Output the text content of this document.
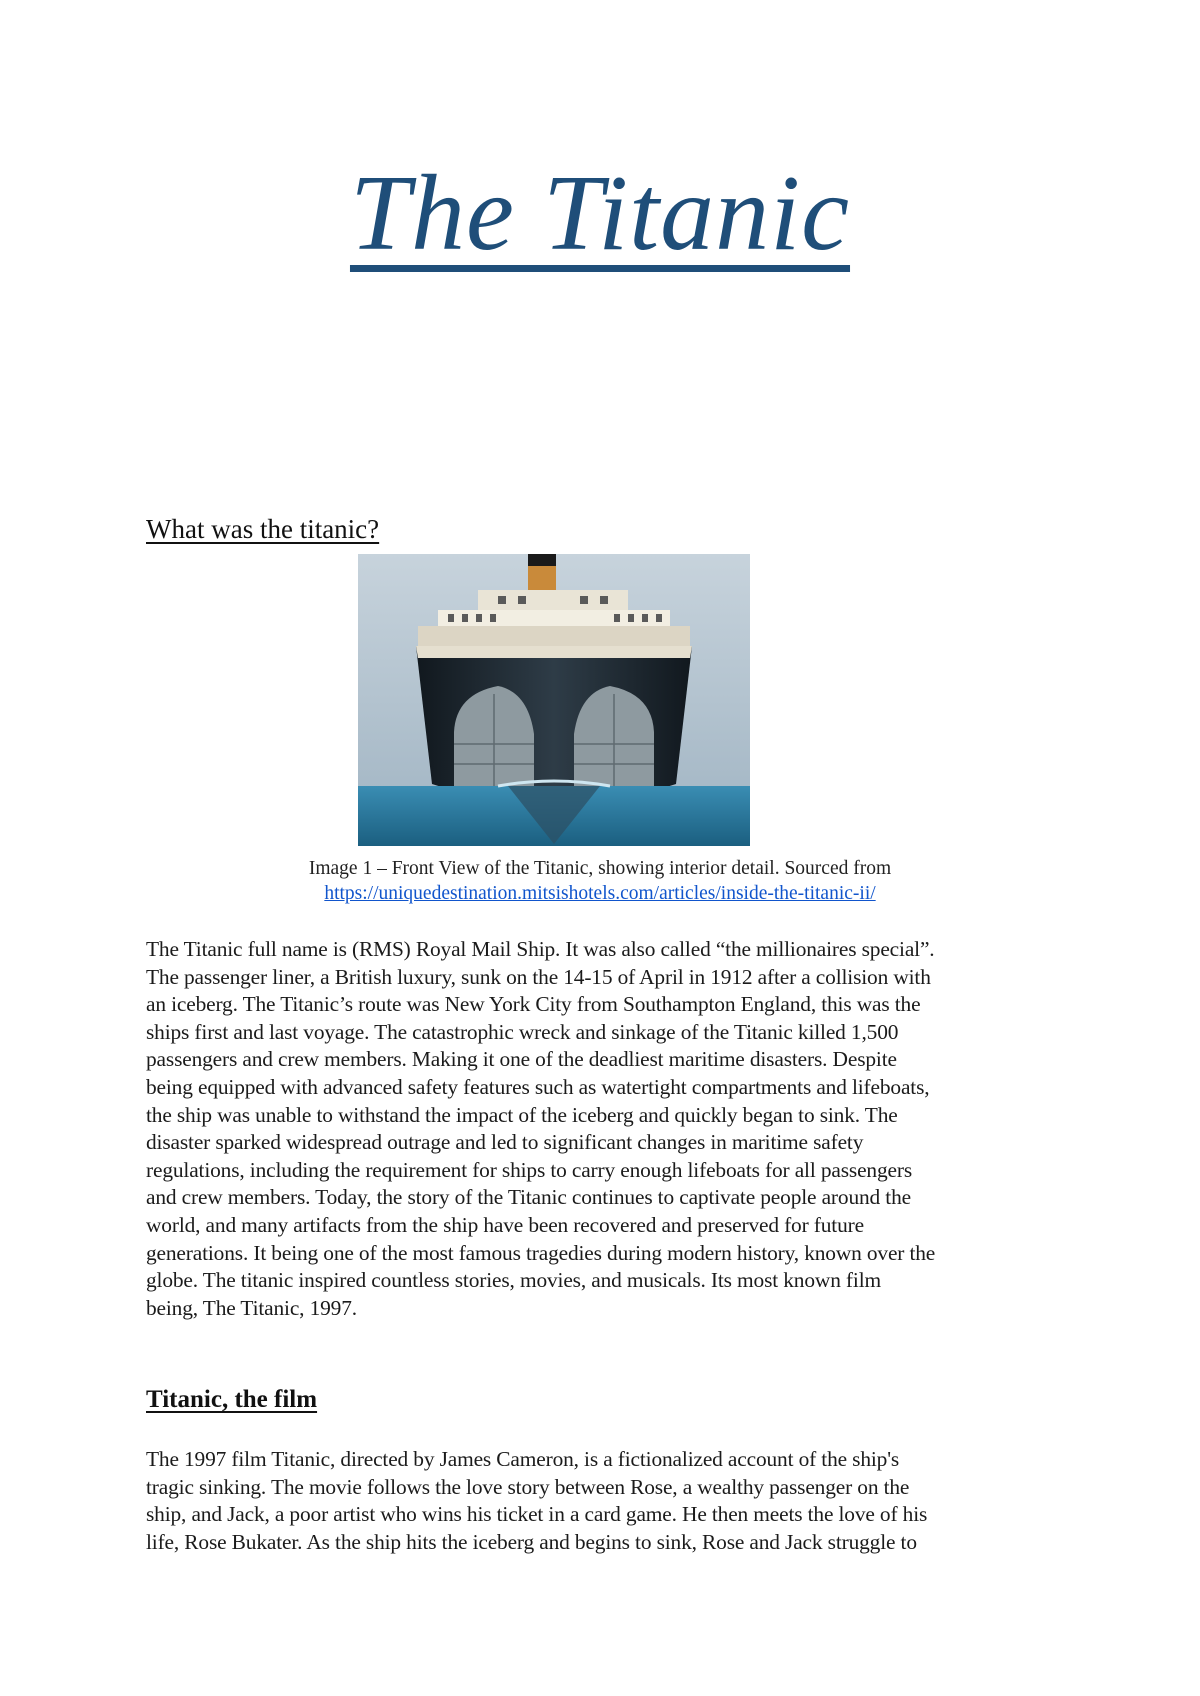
The Titanic
What was the titanic?
Image 1 – Front View of the Titanic, showing interior detail. Sourced from
https://uniquedestination.mitsishotels.com/articles/inside-the-titanic-ii/

The Titanic full name is (RMS) Royal Mail Ship. It was also called “the millionaires special”.
The passenger liner, a British luxury, sunk on the 14-15 of April in 1912 after a collision with
an iceberg. The Titanic’s route was New York City from Southampton England, this was the
ships first and last voyage. The catastrophic wreck and sinkage of the Titanic killed 1,500
passengers and crew members. Making it one of the deadliest maritime disasters. Despite
being equipped with advanced safety features such as watertight compartments and lifeboats,
the ship was unable to withstand the impact of the iceberg and quickly began to sink. The
disaster sparked widespread outrage and led to significant changes in maritime safety
regulations, including the requirement for ships to carry enough lifeboats for all passengers
and crew members. Today, the story of the Titanic continues to captivate people around the
world, and many artifacts from the ship have been recovered and preserved for future
generations. It being one of the most famous tragedies during modern history, known over the
globe. The titanic inspired countless stories, movies, and musicals. Its most known film
being, The Titanic, 1997.

Titanic, the film

The 1997 film Titanic, directed by James Cameron, is a fictionalized account of the ship's
tragic sinking. The movie follows the love story between Rose, a wealthy passenger on the
ship, and Jack, a poor artist who wins his ticket in a card game. He then meets the love of his
life, Rose Bukater. As the ship hits the iceberg and begins to sink, Rose and Jack struggle to
